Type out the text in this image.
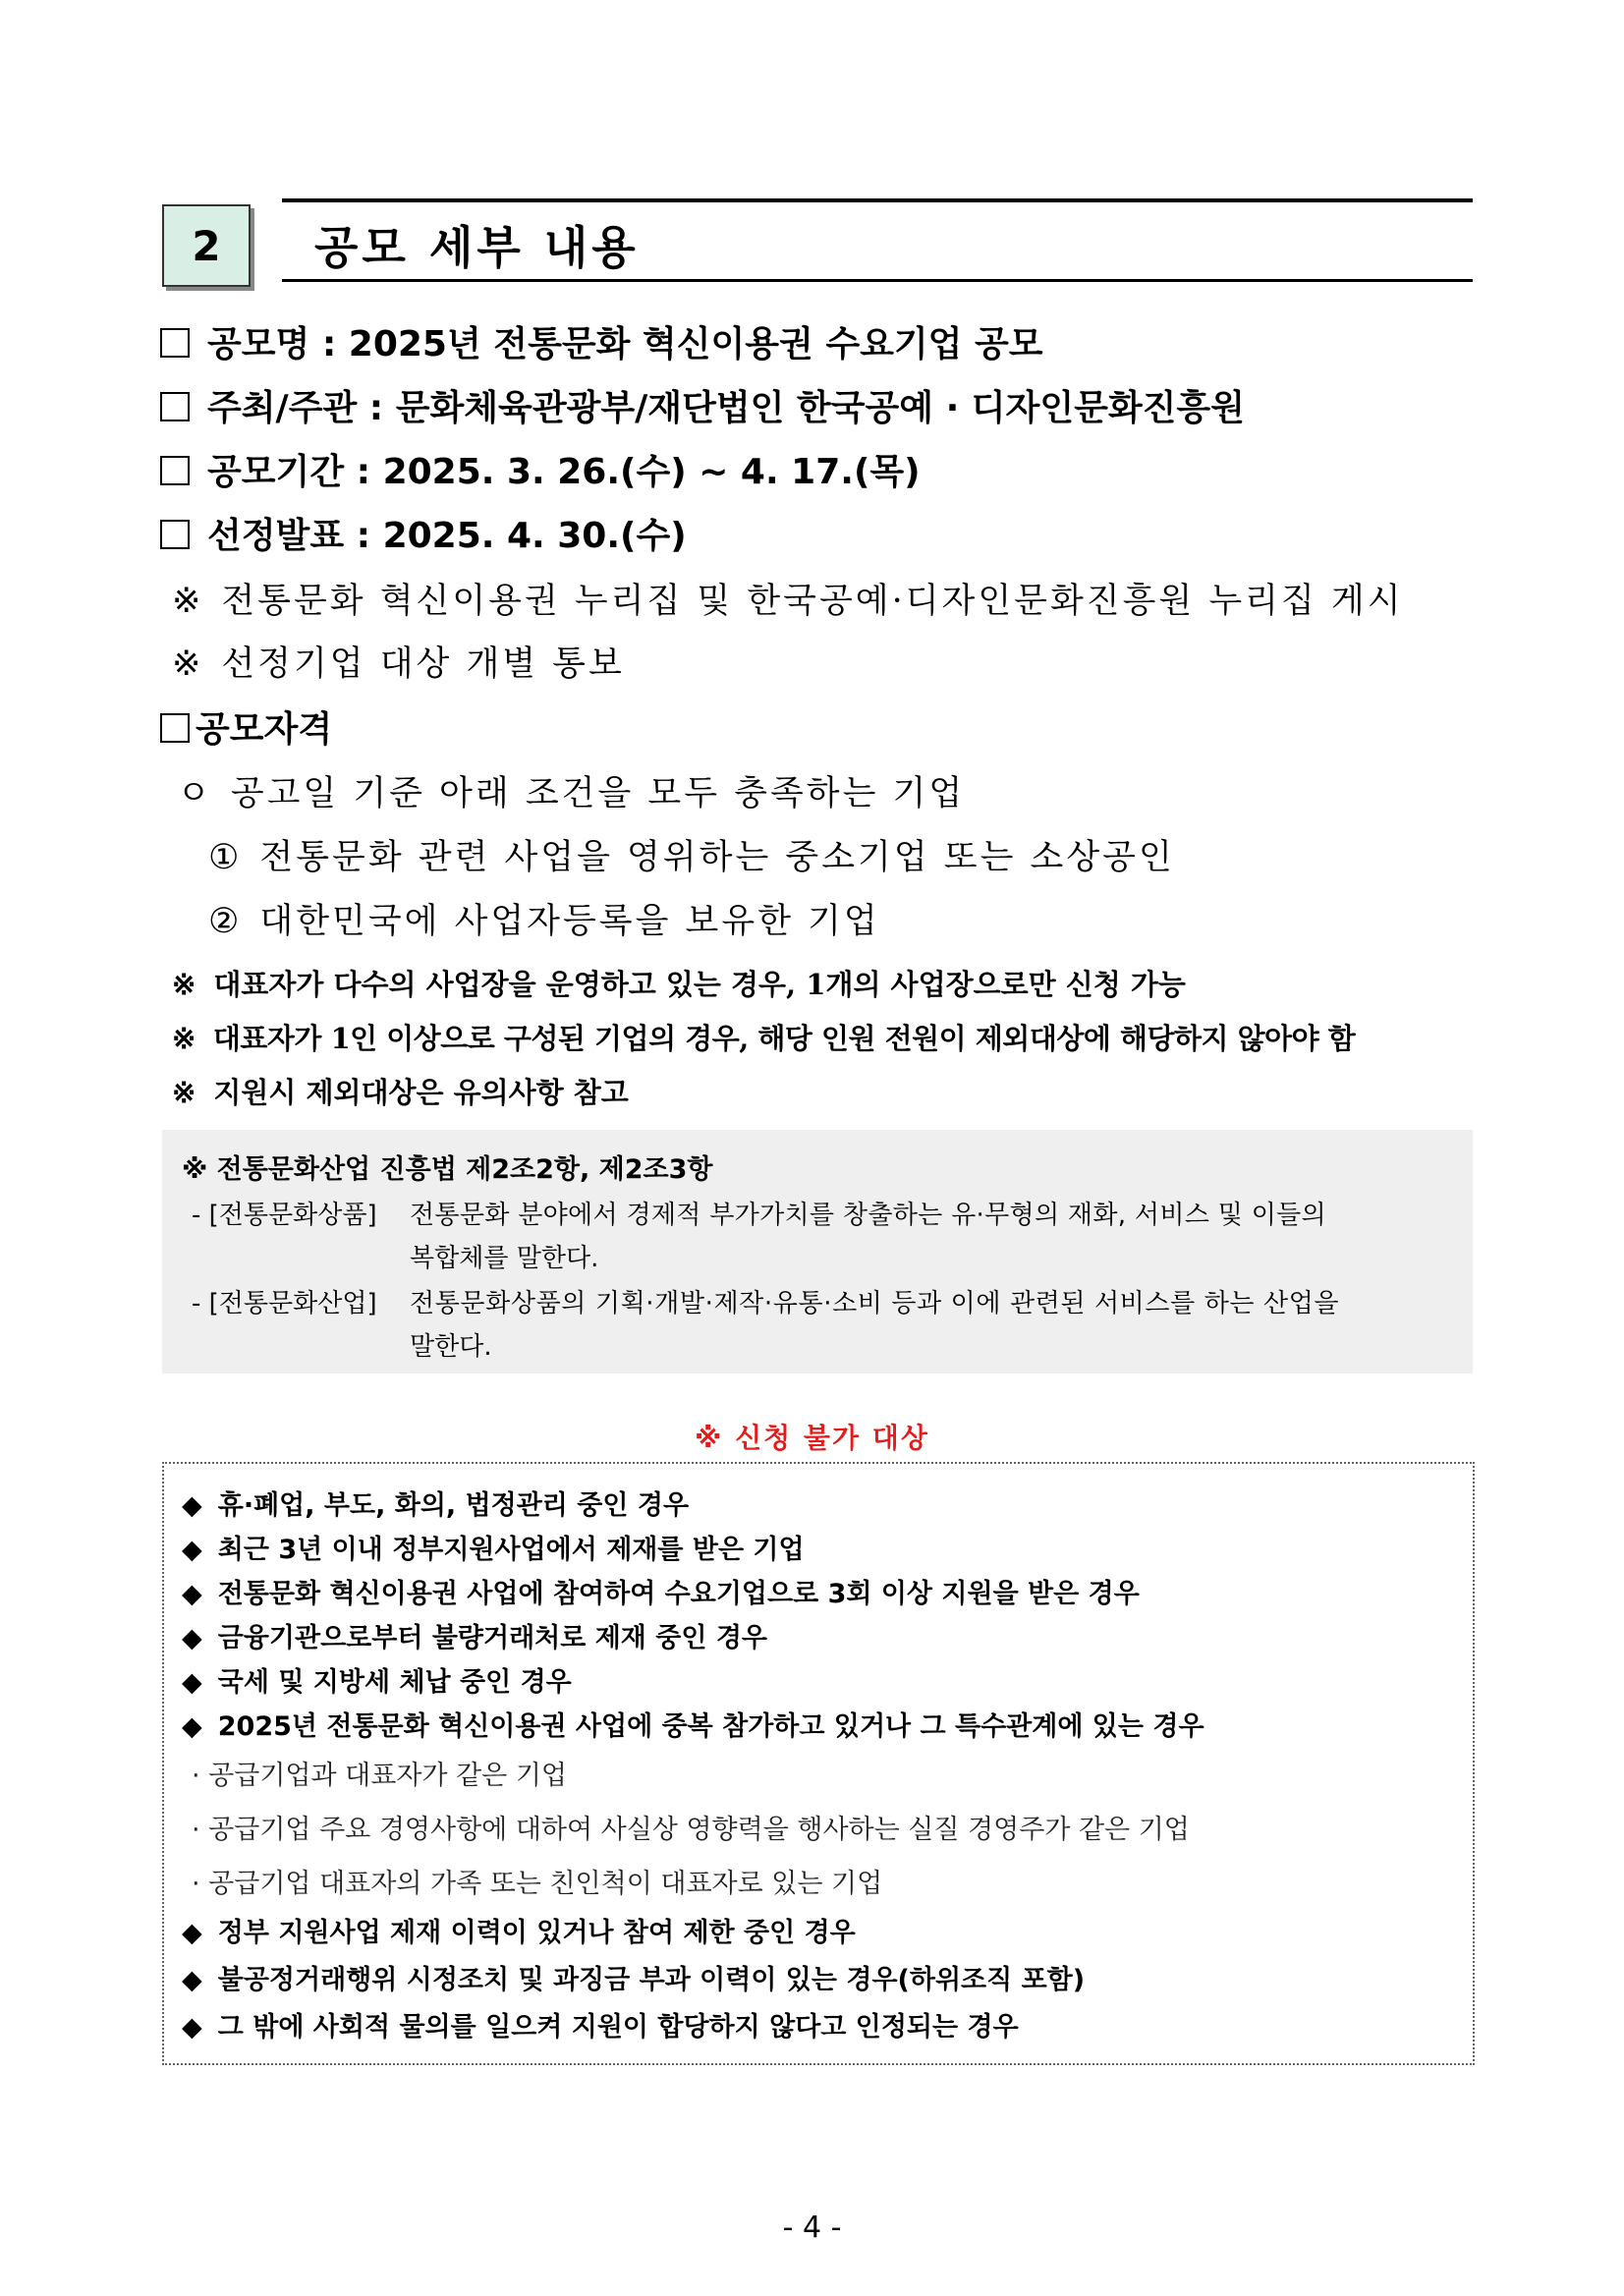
2	공모 세부 내용
공모명 : 2025년 전통문화 혁신이용권 수요기업 공모
주최/주관 : 문화체육관광부/재단법인 한국공예 · 디자인문화진흥원
공모기간 : 2025. 3. 26.(수) ~ 4. 17.(목)
선정발표 : 2025. 4. 30.(수)
※ 전통문화 혁신이용권 누리집 및 한국공예·디자인문화진흥원 누리집 게시
※ 선정기업 대상 개별 통보
공모자격
ㅇ 공고일 기준 아래 조건을 모두 충족하는 기업
① 전통문화 관련 사업을 영위하는 중소기업 또는 소상공인
② 대한민국에 사업자등록을 보유한 기업
※ 대표자가 다수의 사업장을 운영하고 있는 경우, 1개의 사업장으로만 신청 가능
※ 대표자가 1인 이상으로 구성된 기업의 경우, 해당 인원 전원이 제외대상에 해당하지 않아야 함
※ 지원시 제외대상은 유의사항 참고
※ 전통문화산업 진흥법 제2조2항, 제2조3항
- [전통문화상품] 전통문화 분야에서 경제적 부가가치를 창출하는 유·무형의 재화, 서비스 및 이들의
복합체를 말한다.
- [전통문화산업] 전통문화상품의 기획·개발·제작·유통·소비 등과 이에 관련된 서비스를 하는 산업을
말한다.
※ 신청 불가 대상
◆ 휴·폐업, 부도, 화의, 법정관리 중인 경우
◆ 최근 3년 이내 정부지원사업에서 제재를 받은 기업
◆ 전통문화 혁신이용권 사업에 참여하여 수요기업으로 3회 이상 지원을 받은 경우
◆ 금융기관으로부터 불량거래처로 제재 중인 경우
◆ 국세 및 지방세 체납 중인 경우
◆ 2025년 전통문화 혁신이용권 사업에 중복 참가하고 있거나 그 특수관계에 있는 경우
· 공급기업과 대표자가 같은 기업
· 공급기업 주요 경영사항에 대하여 사실상 영향력을 행사하는 실질 경영주가 같은 기업
· 공급기업 대표자의 가족 또는 친인척이 대표자로 있는 기업
◆ 정부 지원사업 제재 이력이 있거나 참여 제한 중인 경우
◆ 불공정거래행위 시정조치 및 과징금 부과 이력이 있는 경우(하위조직 포함)
◆ 그 밖에 사회적 물의를 일으켜 지원이 합당하지 않다고 인정되는 경우
- 4 -
